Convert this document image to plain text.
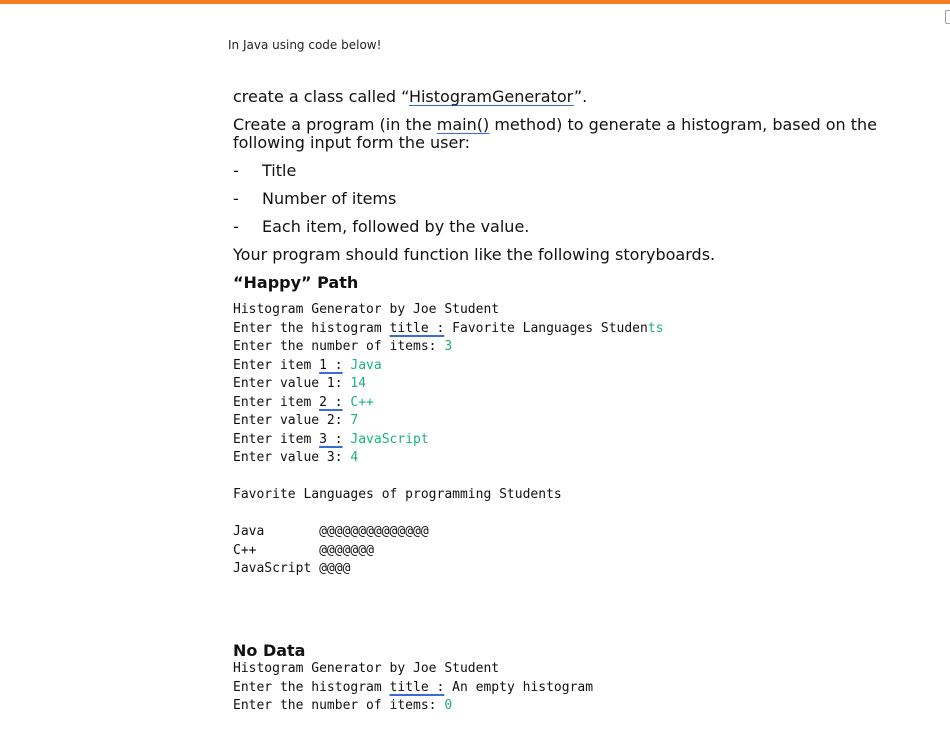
In Java using code below!

create a class called “HistogramGenerator”.

Create a program (in the main() method) to generate a histogram, based on the following input form the user:

-	Title
-	Number of items
-	Each item, followed by the value.

Your program should function like the following storyboards.

“Happy” Path
Histogram Generator by Joe Student
Enter the histogram title : Favorite Languages Students
Enter the number of items: 3
Enter item 1 : Java
Enter value 1: 14
Enter item 2 : C++
Enter value 2: 7
Enter item 3 : JavaScript
Enter value 3: 4
Favorite Languages of programming Students
Java       @@@@@@@@@@@@@@
C++        @@@@@@@
JavaScript @@@@
No Data
Histogram Generator by Joe Student
Enter the histogram title : An empty histogram
Enter the number of items: 0
